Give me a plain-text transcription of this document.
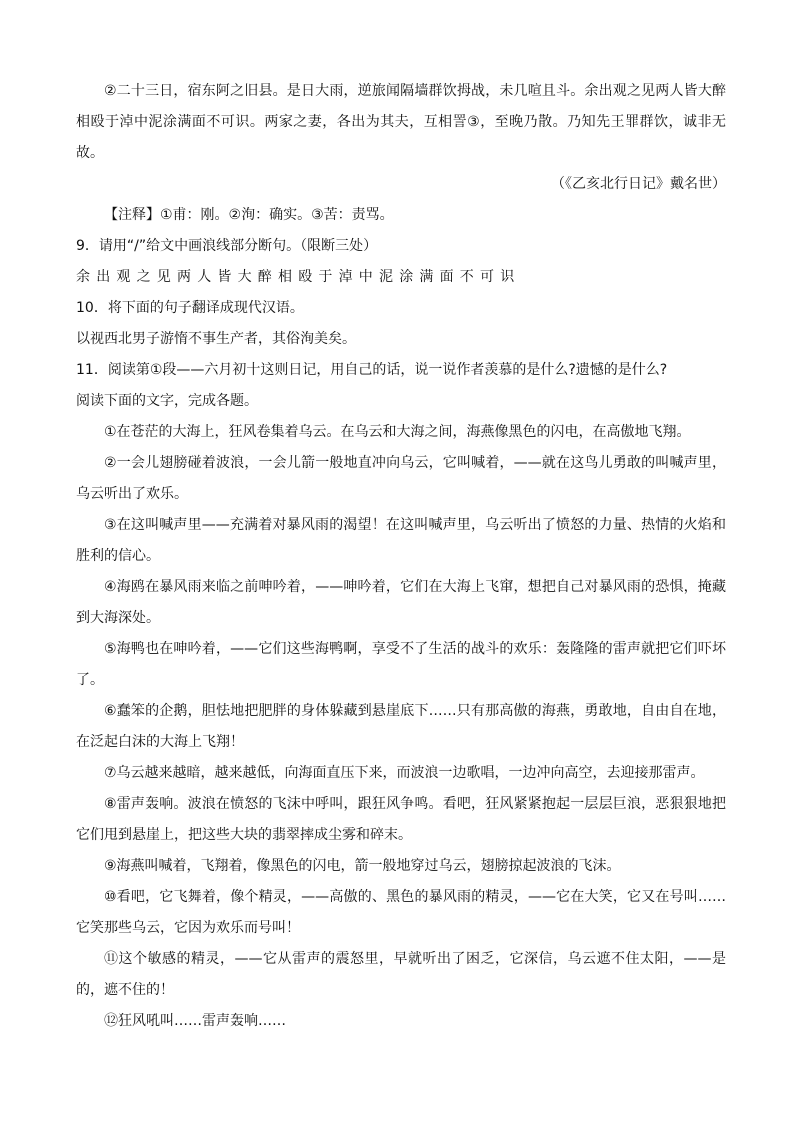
②二十三日，宿东阿之旧县。是日大雨，逆旅闻隔墙群饮拇战，未几喧且斗。余出观之见两人皆大醉相殴于淖中泥涂满面不可识。两家之妻，各出为其夫，互相詈③，至晚乃散。乃知先王罪群饮，诚非无故。

（《乙亥北行日记》戴名世）

【注释】①甫：刚。②洵：确实。③苦：责骂。

9．请用“/”给文中画浪线部分断句。（限断三处）

余出观之见两人皆大醉相殴于淖中泥涂满面不可识

10．将下面的句子翻译成现代汉语。

以视西北男子游惰不事生产者，其俗洵美矣。

11．阅读第①段——六月初十这则日记，用自己的话，说一说作者羡慕的是什么?遗憾的是什么?

阅读下面的文字，完成各题。

①在苍茫的大海上，狂风卷集着乌云。在乌云和大海之间，海燕像黑色的闪电，在高傲地飞翔。

②一会儿翅膀碰着波浪，一会儿箭一般地直冲向乌云，它叫喊着，——就在这鸟儿勇敢的叫喊声里，乌云听出了欢乐。

③在这叫喊声里——充满着对暴风雨的渴望！在这叫喊声里，乌云听出了愤怒的力量、热情的火焰和胜利的信心。

④海鸥在暴风雨来临之前呻吟着，——呻吟着，它们在大海上飞窜，想把自己对暴风雨的恐惧，掩藏到大海深处。

⑤海鸭也在呻吟着，——它们这些海鸭啊，享受不了生活的战斗的欢乐：轰隆隆的雷声就把它们吓坏了。

⑥蠢笨的企鹅，胆怯地把肥胖的身体躲藏到悬崖底下……只有那高傲的海燕，勇敢地，自由自在地，在泛起白沫的大海上飞翔！

⑦乌云越来越暗，越来越低，向海面直压下来，而波浪一边歌唱，一边冲向高空，去迎接那雷声。

⑧雷声轰响。波浪在愤怒的飞沫中呼叫，跟狂风争鸣。看吧，狂风紧紧抱起一层层巨浪，恶狠狠地把它们甩到悬崖上，把这些大块的翡翠摔成尘雾和碎末。

⑨海燕叫喊着，飞翔着，像黑色的闪电，箭一般地穿过乌云，翅膀掠起波浪的飞沫。

⑩看吧，它飞舞着，像个精灵，——高傲的、黑色的暴风雨的精灵，——它在大笑，它又在号叫……它笑那些乌云，它因为欢乐而号叫！

⑪这个敏感的精灵，——它从雷声的震怒里，早就听出了困乏，它深信，乌云遮不住太阳，——是的，遮不住的！

⑫狂风吼叫……雷声轰响……
